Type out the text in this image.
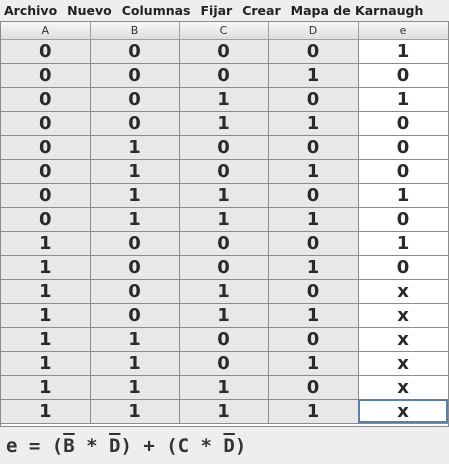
Archivo Nuevo Columnas Fijar Crear Mapa de Karnaugh
A	B	C	D	e
0	0	0	0	1
0	0	0	1	0
0	0	1	0	1
0	0	1	1	0
0	1	0	0	0
0	1	0	1	0
0	1	1	0	1
0	1	1	1	0
1	0	0	0	1
1	0	0	1	0
1	0	1	0	x
1	0	1	1	x
1	1	0	0	x
1	1	0	1	x
1	1	1	0	x
1	1	1	1	x
e = ( $\overline{B} * \overline{D}$ ) + ($C * \overline{D}$ )
